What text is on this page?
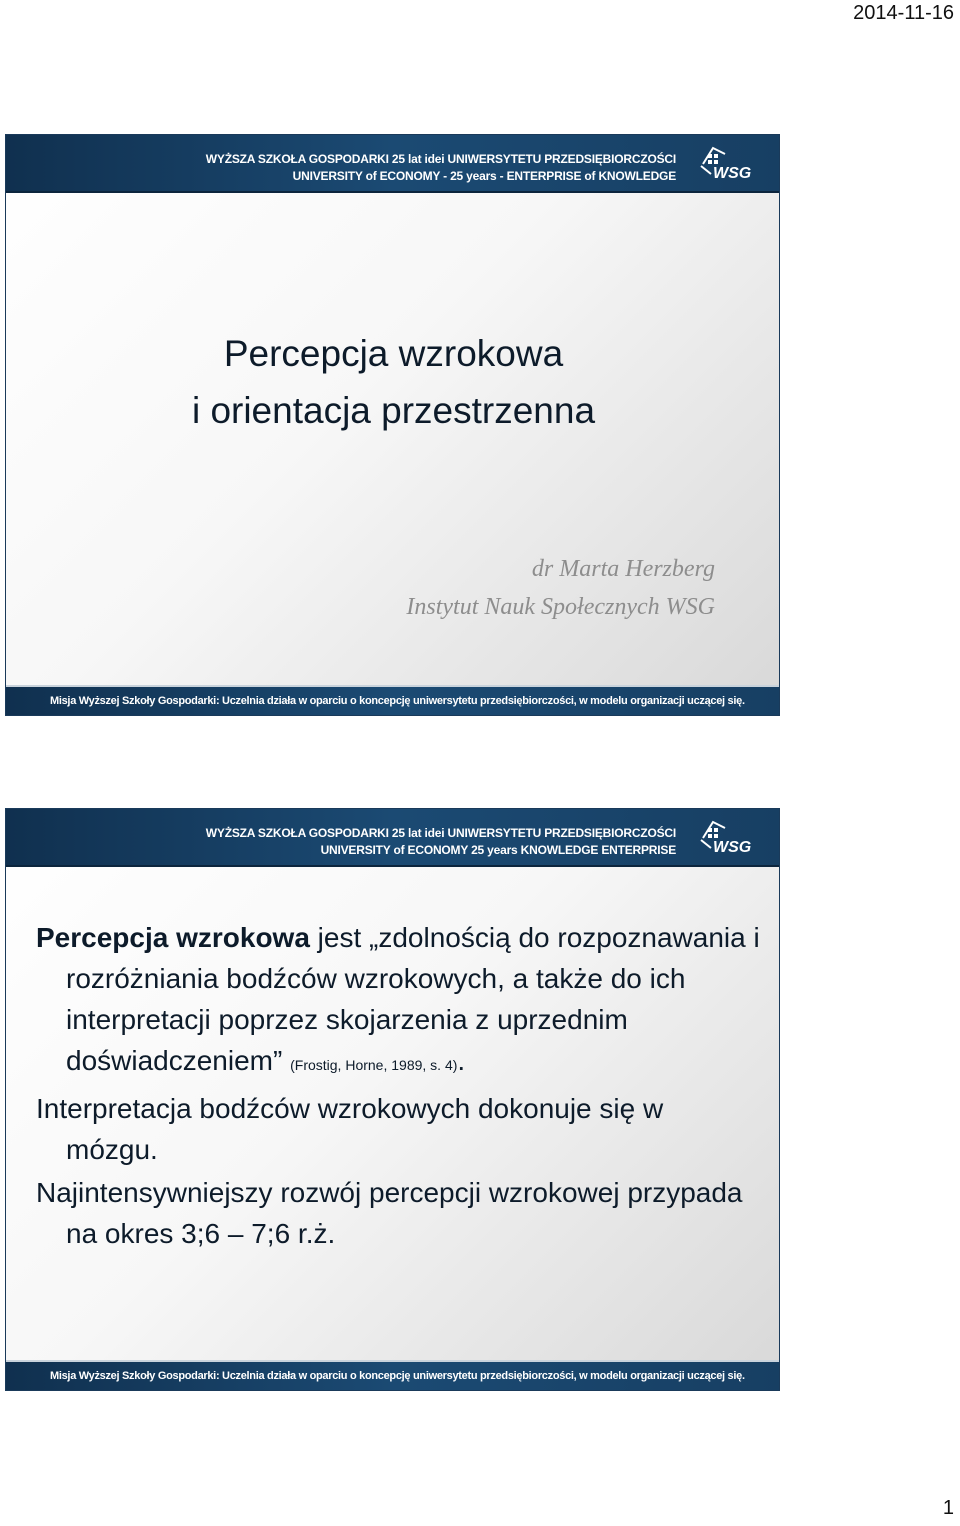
2014-11-16
WYŻSZA SZKOŁA GOSPODARKI 25 lat idei UNIWERSYTETU PRZEDSIĘBIORCZOŚCI
UNIVERSITY of ECONOMY - 25 years - ENTERPRISE of KNOWLEDGE WSG
Percepcja wzrokowa
i orientacja przestrzenna
dr Marta Herzberg
Instytut Nauk Społecznych WSG
Misja Wyższej Szkoły Gospodarki: Uczelnia działa w oparciu o koncepcję uniwersytetu przedsiębiorczości, w modelu organizacji uczącej się.
WYŻSZA SZKOŁA GOSPODARKI 25 lat idei UNIWERSYTETU PRZEDSIĘBIORCZOŚCI
UNIVERSITY of ECONOMY 25 years KNOWLEDGE ENTERPRISE WSG

Percepcja wzrokowa jest „zdolnością do rozpoznawania i rozróżniania bodźców wzrokowych, a także do ich interpretacji poprzez skojarzenia z uprzednim doświadczeniem” (Frostig, Horne, 1989, s. 4).

Interpretacja bodźców wzrokowych dokonuje się w mózgu.

Najintensywniejszy rozwój percepcji wzrokowej przypada na okres 3;6 – 7;6 r.ż.

Misja Wyższej Szkoły Gospodarki: Uczelnia działa w oparciu o koncepcję uniwersytetu przedsiębiorczości, w modelu organizacji uczącej się.
1
